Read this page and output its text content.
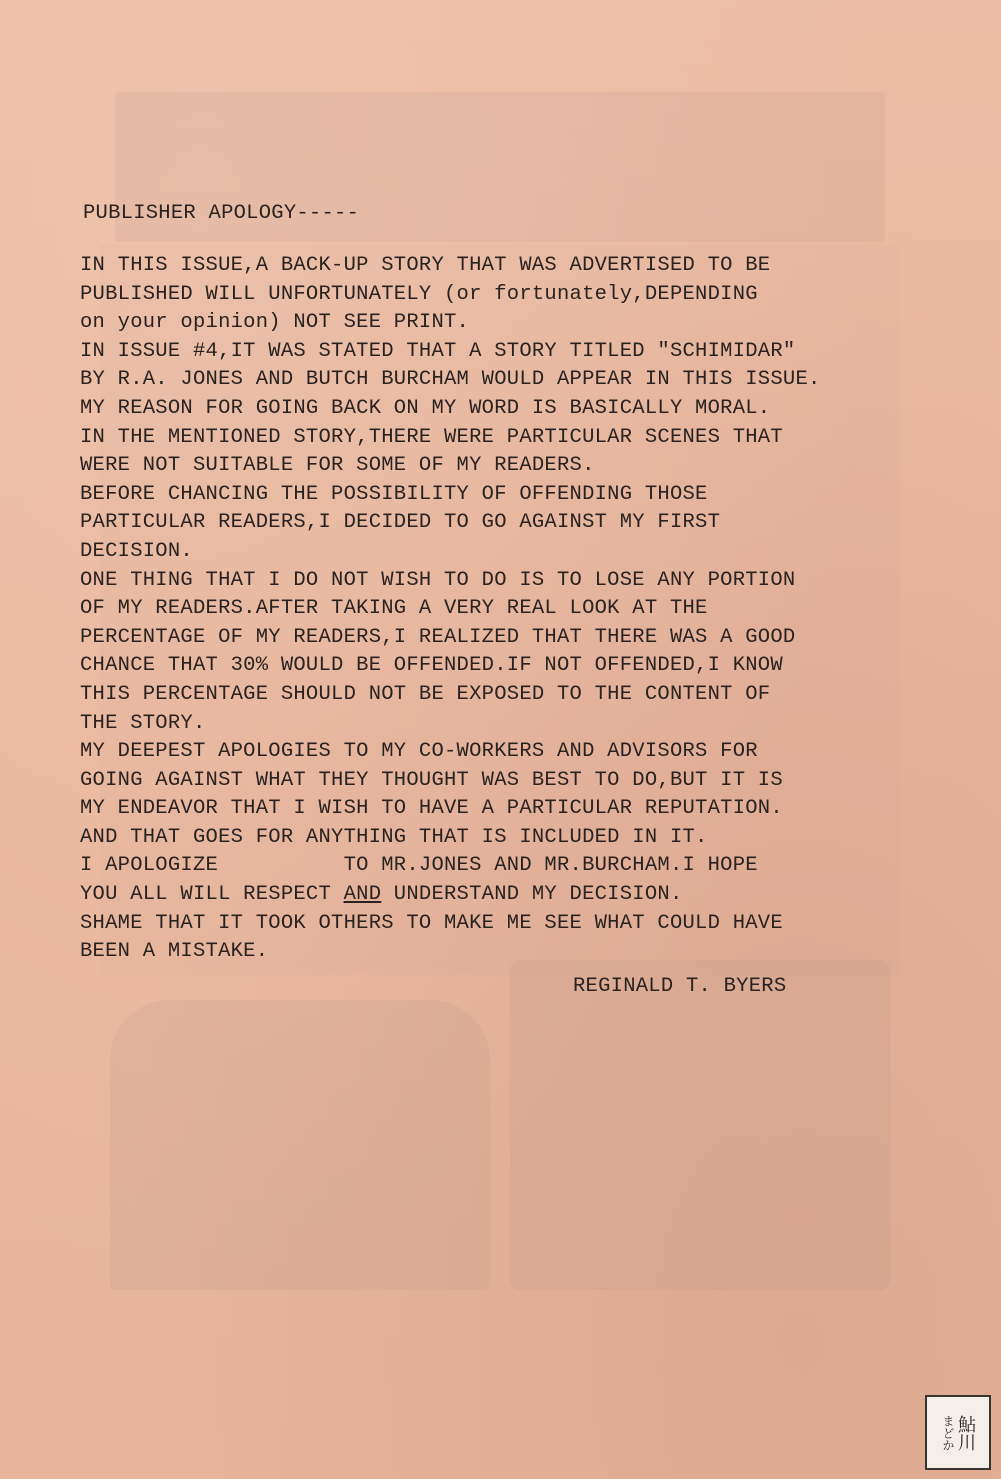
PUBLISHER APOLOGY-----
IN THIS ISSUE,A BACK-UP STORY THAT WAS ADVERTISED TO BE
PUBLISHED WILL UNFORTUNATELY (or fortunately,DEPENDING
on your opinion) NOT SEE PRINT.
IN ISSUE #4,IT WAS STATED THAT A STORY TITLED "SCHIMIDAR"
BY R.A. JONES AND BUTCH BURCHAM WOULD APPEAR IN THIS ISSUE.
MY REASON FOR GOING BACK ON MY WORD IS BASICALLY MORAL.
IN THE MENTIONED STORY,THERE WERE PARTICULAR SCENES THAT
WERE NOT SUITABLE FOR SOME OF MY READERS.
BEFORE CHANCING THE POSSIBILITY OF OFFENDING THOSE
PARTICULAR READERS,I DECIDED TO GO AGAINST MY FIRST
DECISION.
ONE THING THAT I DO NOT WISH TO DO IS TO LOSE ANY PORTION
OF MY READERS.AFTER TAKING A VERY REAL LOOK AT THE
PERCENTAGE OF MY READERS,I REALIZED THAT THERE WAS A GOOD
CHANCE THAT 30% WOULD BE OFFENDED.IF NOT OFFENDED,I KNOW
THIS PERCENTAGE SHOULD NOT BE EXPOSED TO THE CONTENT OF
THE STORY.
MY DEEPEST APOLOGIES TO MY CO-WORKERS AND ADVISORS FOR
GOING AGAINST WHAT THEY THOUGHT WAS BEST TO DO,BUT IT IS
MY ENDEAVOR THAT I WISH TO HAVE A PARTICULAR REPUTATION.
AND THAT GOES FOR ANYTHING THAT IS INCLUDED IN IT.
I APOLOGIZE          TO MR.JONES AND MR.BURCHAM.I HOPE
YOU ALL WILL RESPECT AND UNDERSTAND MY DECISION.
SHAME THAT IT TOOK OTHERS TO MAKE ME SEE WHAT COULD HAVE
BEEN A MISTAKE.
REGINALD T. BYERS
鮎川
まどか
